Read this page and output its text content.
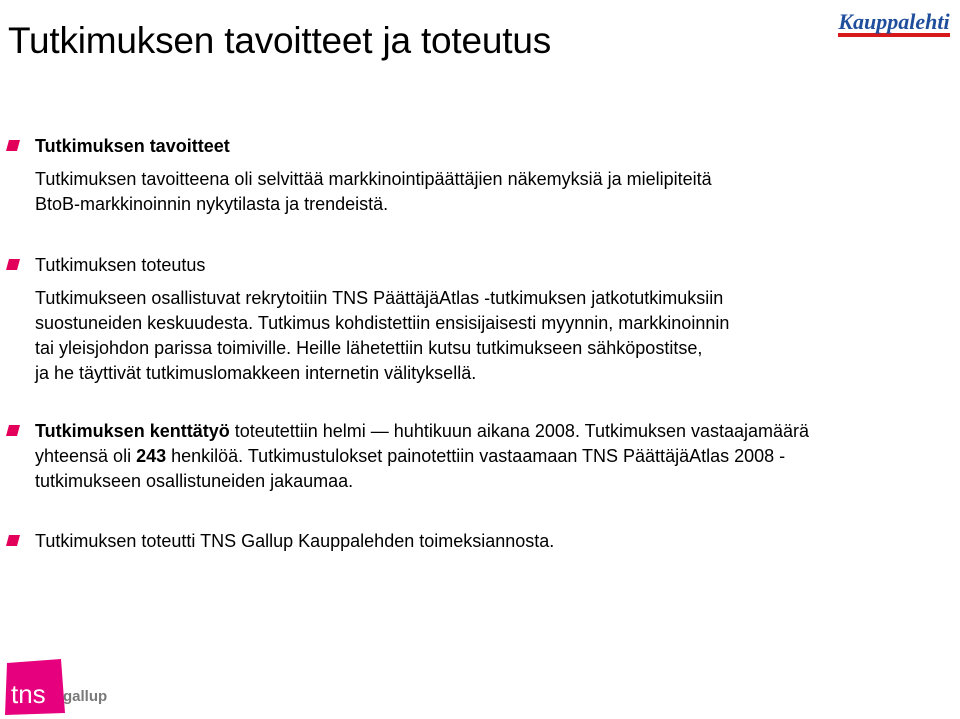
Tutkimuksen tavoitteet ja toteutus	Kauppalehti

Tutkimuksen tavoitteet

Tutkimuksen tavoitteena oli selvittää markkinointipäättäjien näkemyksiä ja mielipiteitä

BtoB-markkinoinnin nykytilasta ja trendeistä.

Tutkimuksen toteutus

Tutkimukseen osallistuvat rekrytoitiin TNS PäättäjäAtlas -tutkimuksen jatkotutkimuksiin

suostuneiden keskuudesta. Tutkimus kohdistettiin ensisijaisesti myynnin, markkinoinnin

tai yleisjohdon parissa toimiville. Heille lähetettiin kutsu tutkimukseen sähköpostitse,

ja he täyttivät tutkimuslomakkeen internetin välityksellä.

Tutkimuksen kenttätyö toteutettiin helmi — huhtikuun aikana 2008. Tutkimuksen vastaajamäärä

yhteensä oli 243 henkilöä. Tutkimustulokset painotettiin vastaamaan TNS PäättäjäAtlas 2008 -

tutkimukseen osallistuneiden jakaumaa.

Tutkimuksen toteutti TNS Gallup Kauppalehden toimeksiannosta.

tns gallup
